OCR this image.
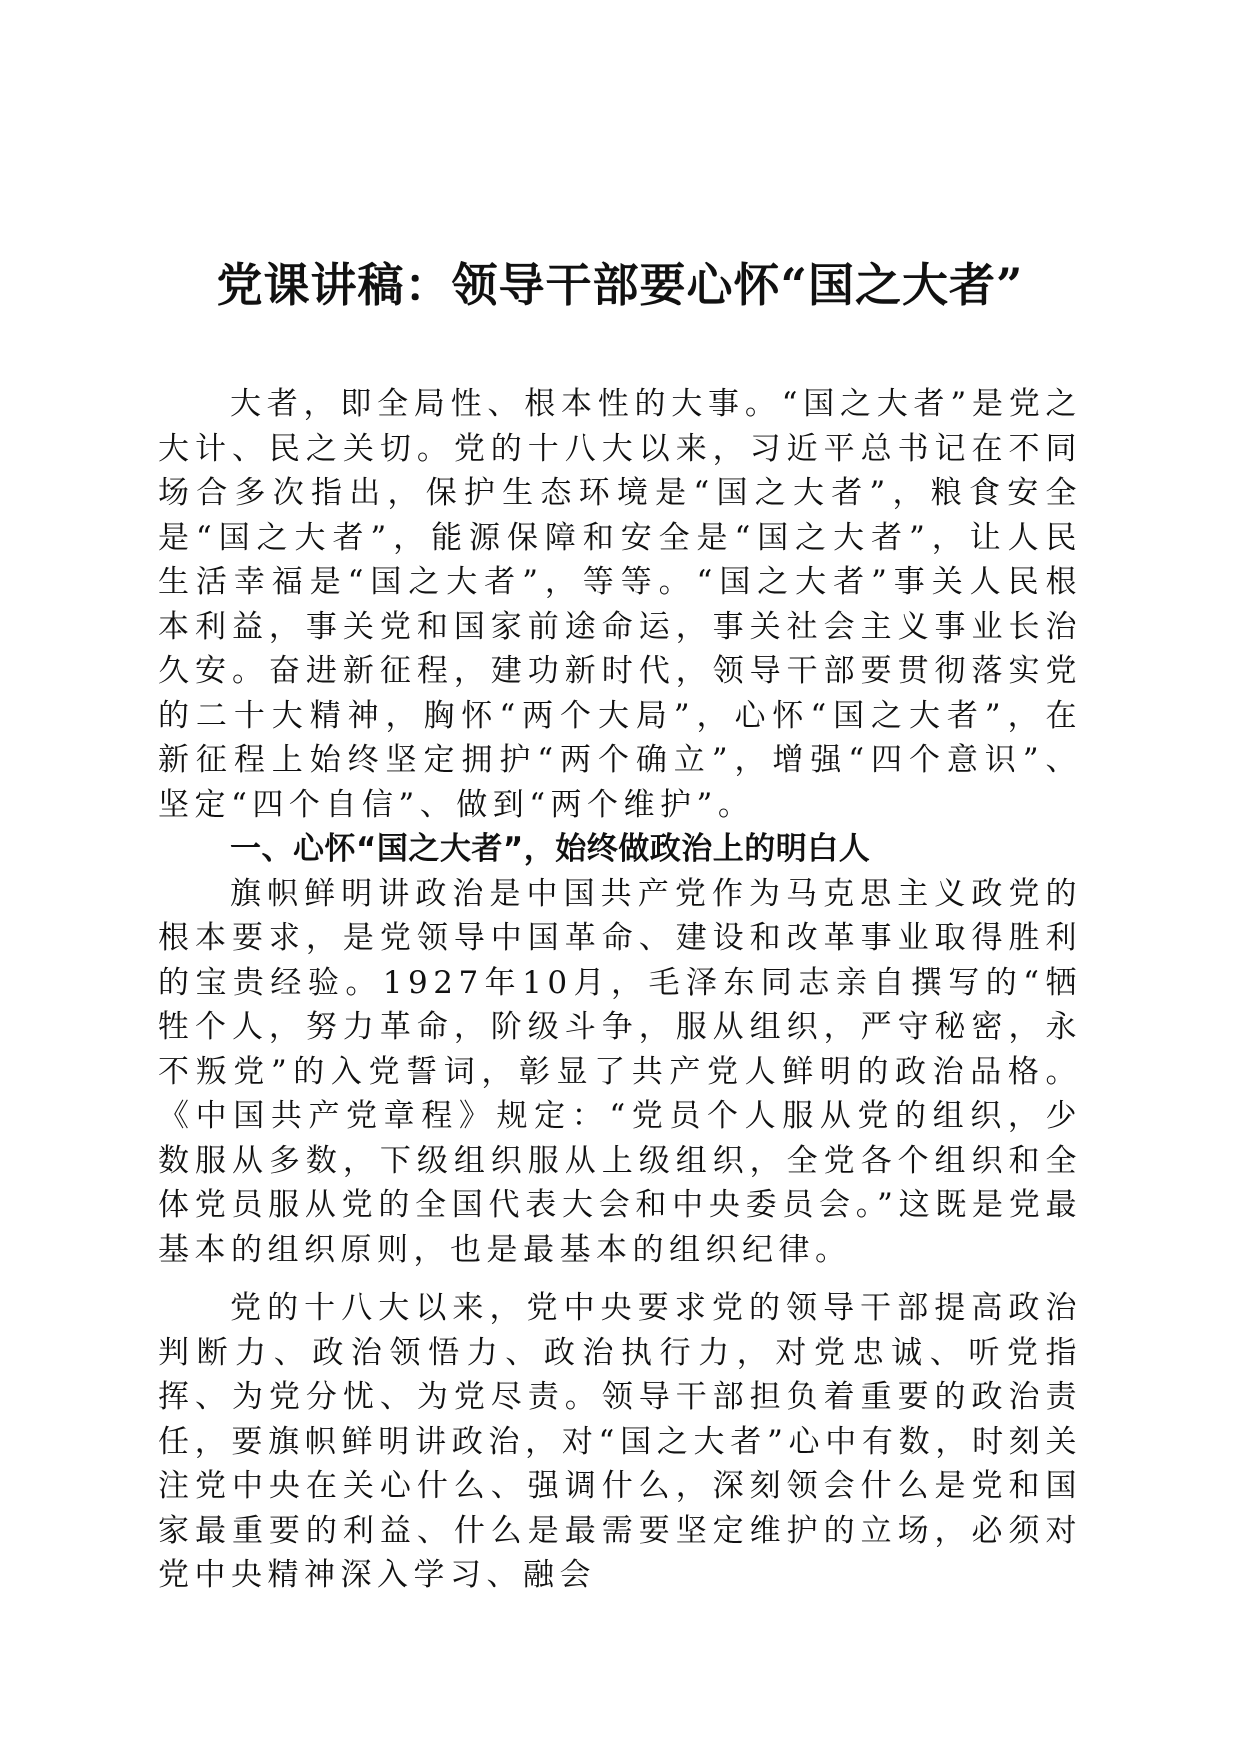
党课讲稿：领导干部要心怀“国之大者”

大者，即全局性、根本性的大事。“国之大者”是党之大计、民之关切。党的十八大以来，习近平总书记在不同场合多次指出，保护生态环境是“国之大者”，粮食安全是“国之大者”，能源保障和安全是“国之大者”，让人民生活幸福是“国之大者”，等等。“国之大者”事关人民根本利益，事关党和国家前途命运，事关社会主义事业长治久安。奋进新征程，建功新时代，领导干部要贯彻落实党的二十大精神，胸怀“两个大局”，心怀“国之大者”，在新征程上始终坚定拥护“两个确立”，增强“四个意识”、坚定“四个自信”、做到“两个维护”。

一、心怀“国之大者”，始终做政治上的明白人

旗帜鲜明讲政治是中国共产党作为马克思主义政党的根本要求，是党领导中国革命、建设和改革事业取得胜利的宝贵经验。1927年10月，毛泽东同志亲自撰写的“牺牲个人，努力革命，阶级斗争，服从组织，严守秘密，永不叛党”的入党誓词，彰显了共产党人鲜明的政治品格。《中国共产党章程》规定：“党员个人服从党的组织，少数服从多数，下级组织服从上级组织，全党各个组织和全体党员服从党的全国代表大会和中央委员会。”这既是党最基本的组织原则，也是最基本的组织纪律。

党的十八大以来，党中央要求党的领导干部提高政治判断力、政治领悟力、政治执行力，对党忠诚、听党指挥、为党分忧、为党尽责。领导干部担负着重要的政治责任，要旗帜鲜明讲政治，对“国之大者”心中有数，时刻关注党中央在关心什么、强调什么，深刻领会什么是党和国家最重要的利益、什么是最需要坚定维护的立场，必须对党中央精神深入学习、融会
